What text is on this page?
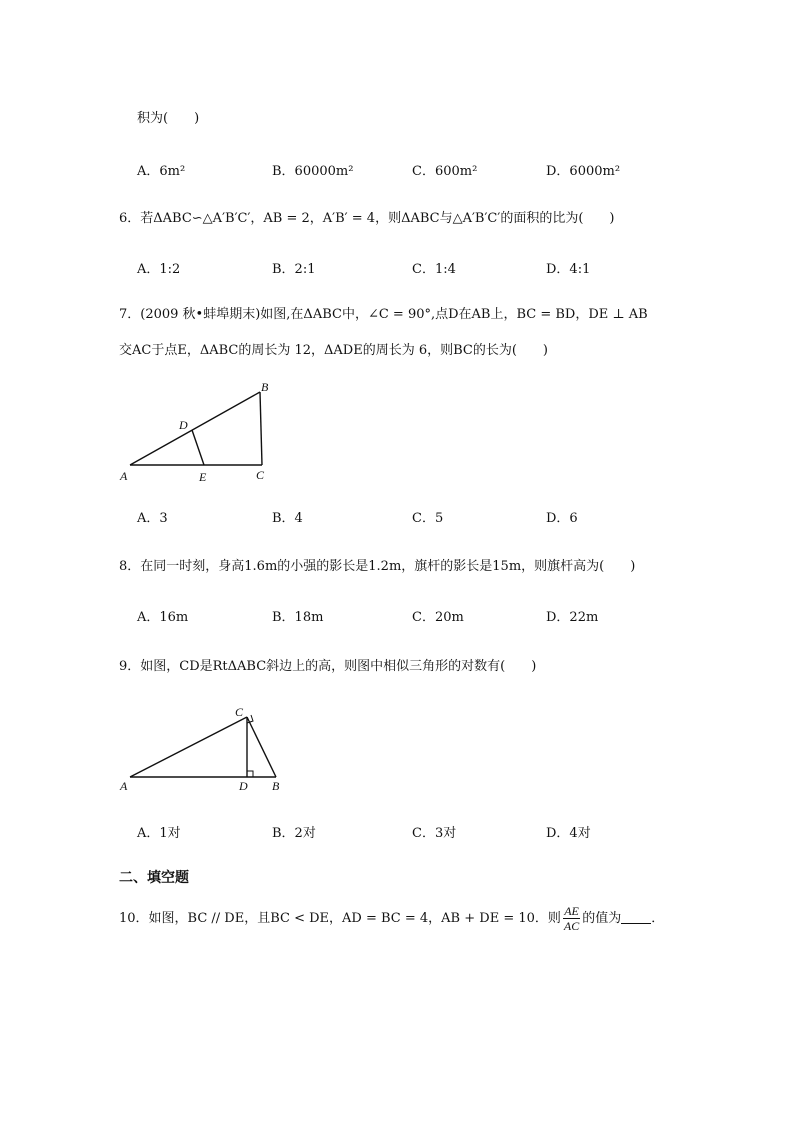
积为(　　)
A．6m²	B．60000m²	C．600m²	D．6000m²
6．若ΔABC∽△A′B′C′，AB = 2，A′B′ = 4，则ΔABC与△A′B′C′的面积的比为(　　)
A．1:2	B．2:1	C．1:4	D．4:1
7．(2009 秋•蚌埠期末)如图,在ΔABC中，∠C = 90°,点D在AB上，BC = BD，DE ⊥ AB
交AC于点E，ΔABC的周长为 12，ΔADE的周长为 6，则BC的长为(　　)
B
D
A	E	C
A．3	B．4	C．5	D．6
8．在同一时刻，身高1.6m的小强的影长是1.2m，旗杆的影长是15m，则旗杆高为(　　)
A．16m	B．18m	C．20m	D．22m
9．如图，CD是RtΔABC斜边上的高，则图中相似三角形的对数有(　　)
C
A	D B
A．1对	B．2对	C．3对	D．4对
二、填空题
10．如图，BC // DE，且BC < DE，AD = BC = 4，AB + DE = 10．则 $\frac{AE}{AC}$ 的值为 ．
